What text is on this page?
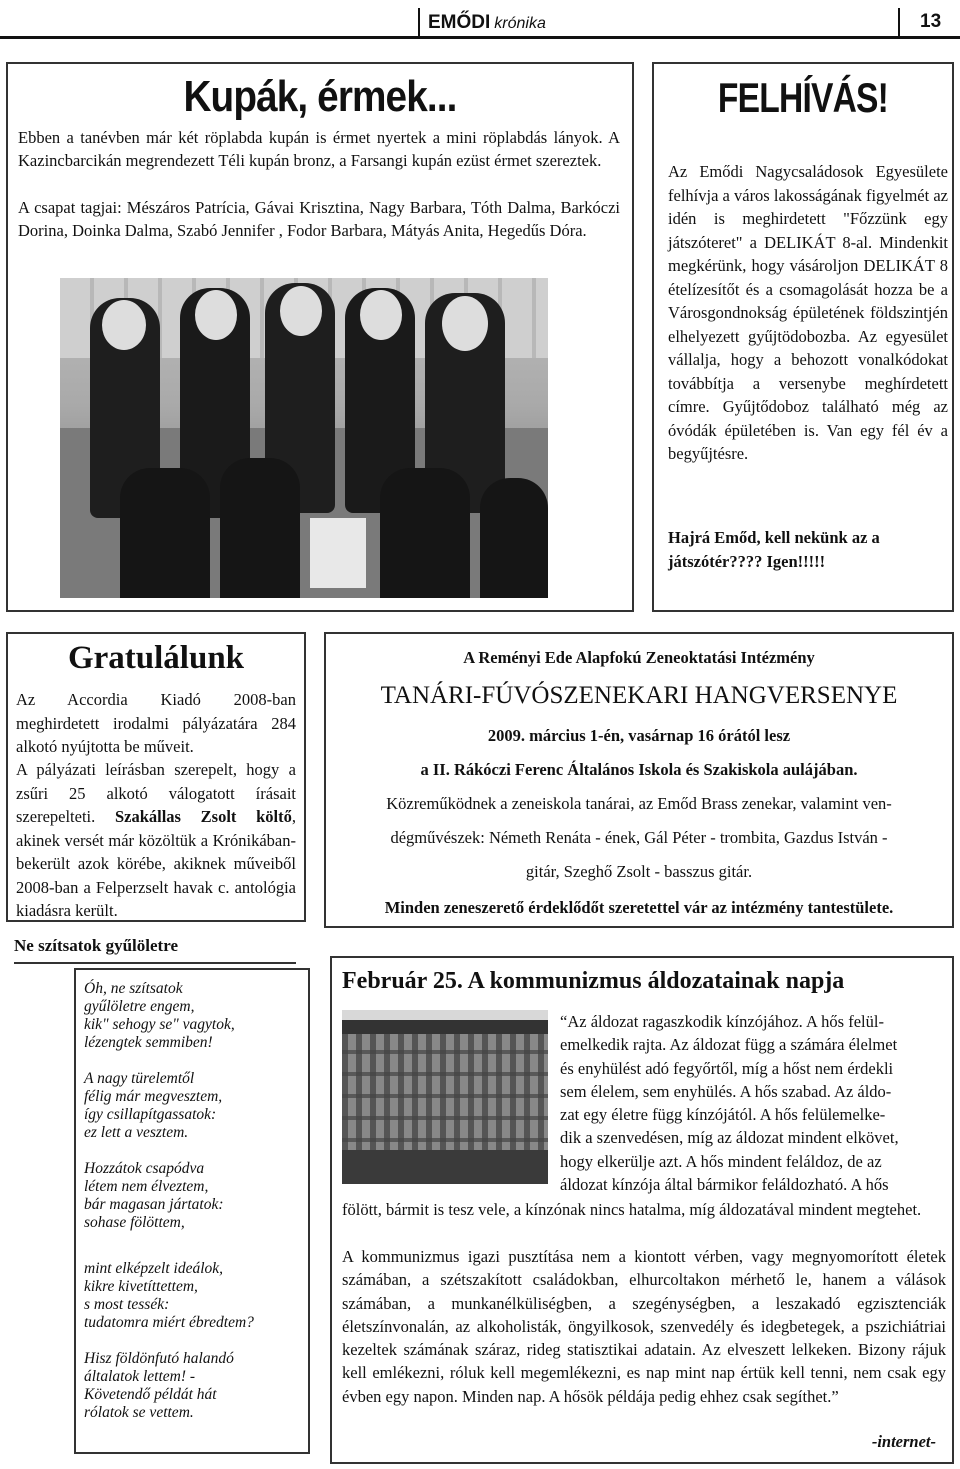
EMŐDI krónika	13
Kupák, érmek...

Ebben a tanévben már két röplabda kupán is érmet nyertek a mini röplabdás lányok. A Kazincbarcikán megrendezett Téli kupán bronz, a Farsangi kupán ezüst érmet szereztek.

A csapat tagjai: Mészáros Patrícia, Gávai Krisztina, Nagy Barbara, Tóth Dalma, Barkóczi Dorina, Doinka Dalma, Szabó Jennifer , Fodor Barbara, Mátyás Anita, Hegedűs Dóra.

FELHÍVÁS!

Az Emődi Nagycsaládosok Egyesülete felhívja a város lakosságának figyelmét az idén is meghirdetett "Főzzünk egy játszóteret" a DELIKÁT 8-al. Mindenkit megkérünk, hogy vásároljon DELIKÁT 8 ételízesítőt és a csomagolását hozza be a Városgondnokság épületének földszintjén elhelyezett gyűjtödobozba. Az egyesület vállalja, hogy a behozott vonalkódokat továbbítja a versenybe meghírdetett címre. Gyűjtődoboz található még az óvódák épületében is. Van egy fél év a begyűjtésre.

Hajrá Emőd, kell nekünk az a játszótér???? Igen!!!!!

Gratulálunk

Az Accordia Kiadó 2008-ban meghirdetett irodalmi pályázatára 284 alkotó nyújtotta be műveit.

A pályázati leírásban szerepelt, hogy a zsűri 25 alkotó válogatott írásait szerepelteti. Szakállas Zsolt költő, akinek versét már közöltük a Krónikában-bekerült azok körébe, akiknek műveiből 2008-ban a Felperzselt havak c. antológia kiadásra került.

A Reményi Ede Alapfokú Zeneoktatási Intézmény
TANÁRI-FÚVÓSZENEKARI HANGVERSENYE
2009. március 1-én, vasárnap 16 órától lesz
a II. Rákóczi Ferenc Általános Iskola és Szakiskola aulájában.
Közreműködnek a zeneiskola tanárai, az Emőd Brass zenekar, valamint ven-
dégművészek: Németh Renáta - ének, Gál Péter - trombita, Gazdus István -
gitár, Szeghő Zsolt - basszus gitár.
Minden zeneszerető érdeklődőt szeretettel vár az intézmény tantestülete.
Ne szítsatok gyűlöletre
Óh, ne szítsatok
gyűlöletre engem,
kik" sehogy se" vagytok,
lézengtek semmiben!
A nagy türelemtől
félig már megvesztem,
így csillapítgassatok:
ez lett a vesztem.
Hozzátok csapódva
létem nem élveztem,
bár magasan jártatok:
sohase fölöttem,
mint elképzelt ideálok,
kikre kivetíttettem,
s most tessék:
tudatomra miért ébredtem?
Hisz földönfutó halandó
általatok lettem! -
Követendő példát hát
rólatok se vettem.
Február 25. A kommunizmus áldozatainak napja
“Az áldozat ragaszkodik kínzójához. A hős felül-
emelkedik rajta. Az áldozat függ a számára élelmet
és enyhülést adó fegyőrtől, míg a hőst nem érdekli
sem élelem, sem enyhülés. A hős szabad. Az áldo-
zat egy életre függ kínzójától. A hős felülemelke-
dik a szenvedésen, míg az áldozat mindent elkövet,
hogy elkerülje azt. A hős mindent feláldoz, de az
áldozat kínzója által bármikor feláldozható. A hős

fölött, bármit is tesz vele, a kínzónak nincs hatalma, míg áldozatával mindent megtehet.

A kommunizmus igazi pusztítása nem a kiontott vérben, vagy megnyomorított életek számában, a szétszakított családokban, elhurcoltakon mérhető le, hanem a válások számában, a munkanélküliségben, a szegénységben, a leszakadó egzisztenciák életszínvonalán, az alkoholisták, öngyilkosok, szenvedély és idegbetegek, a pszichiátriai kezeltek számának száraz, rideg statisztikai adatain. Az elveszett lelkeken. Bizony rájuk kell emlékezni, róluk kell megemlékezni, es nap mint nap értük kell tenni, nem csak egy évben egy napon. Minden nap. A hősök példája pedig ehhez csak segíthet.”

-internet-
